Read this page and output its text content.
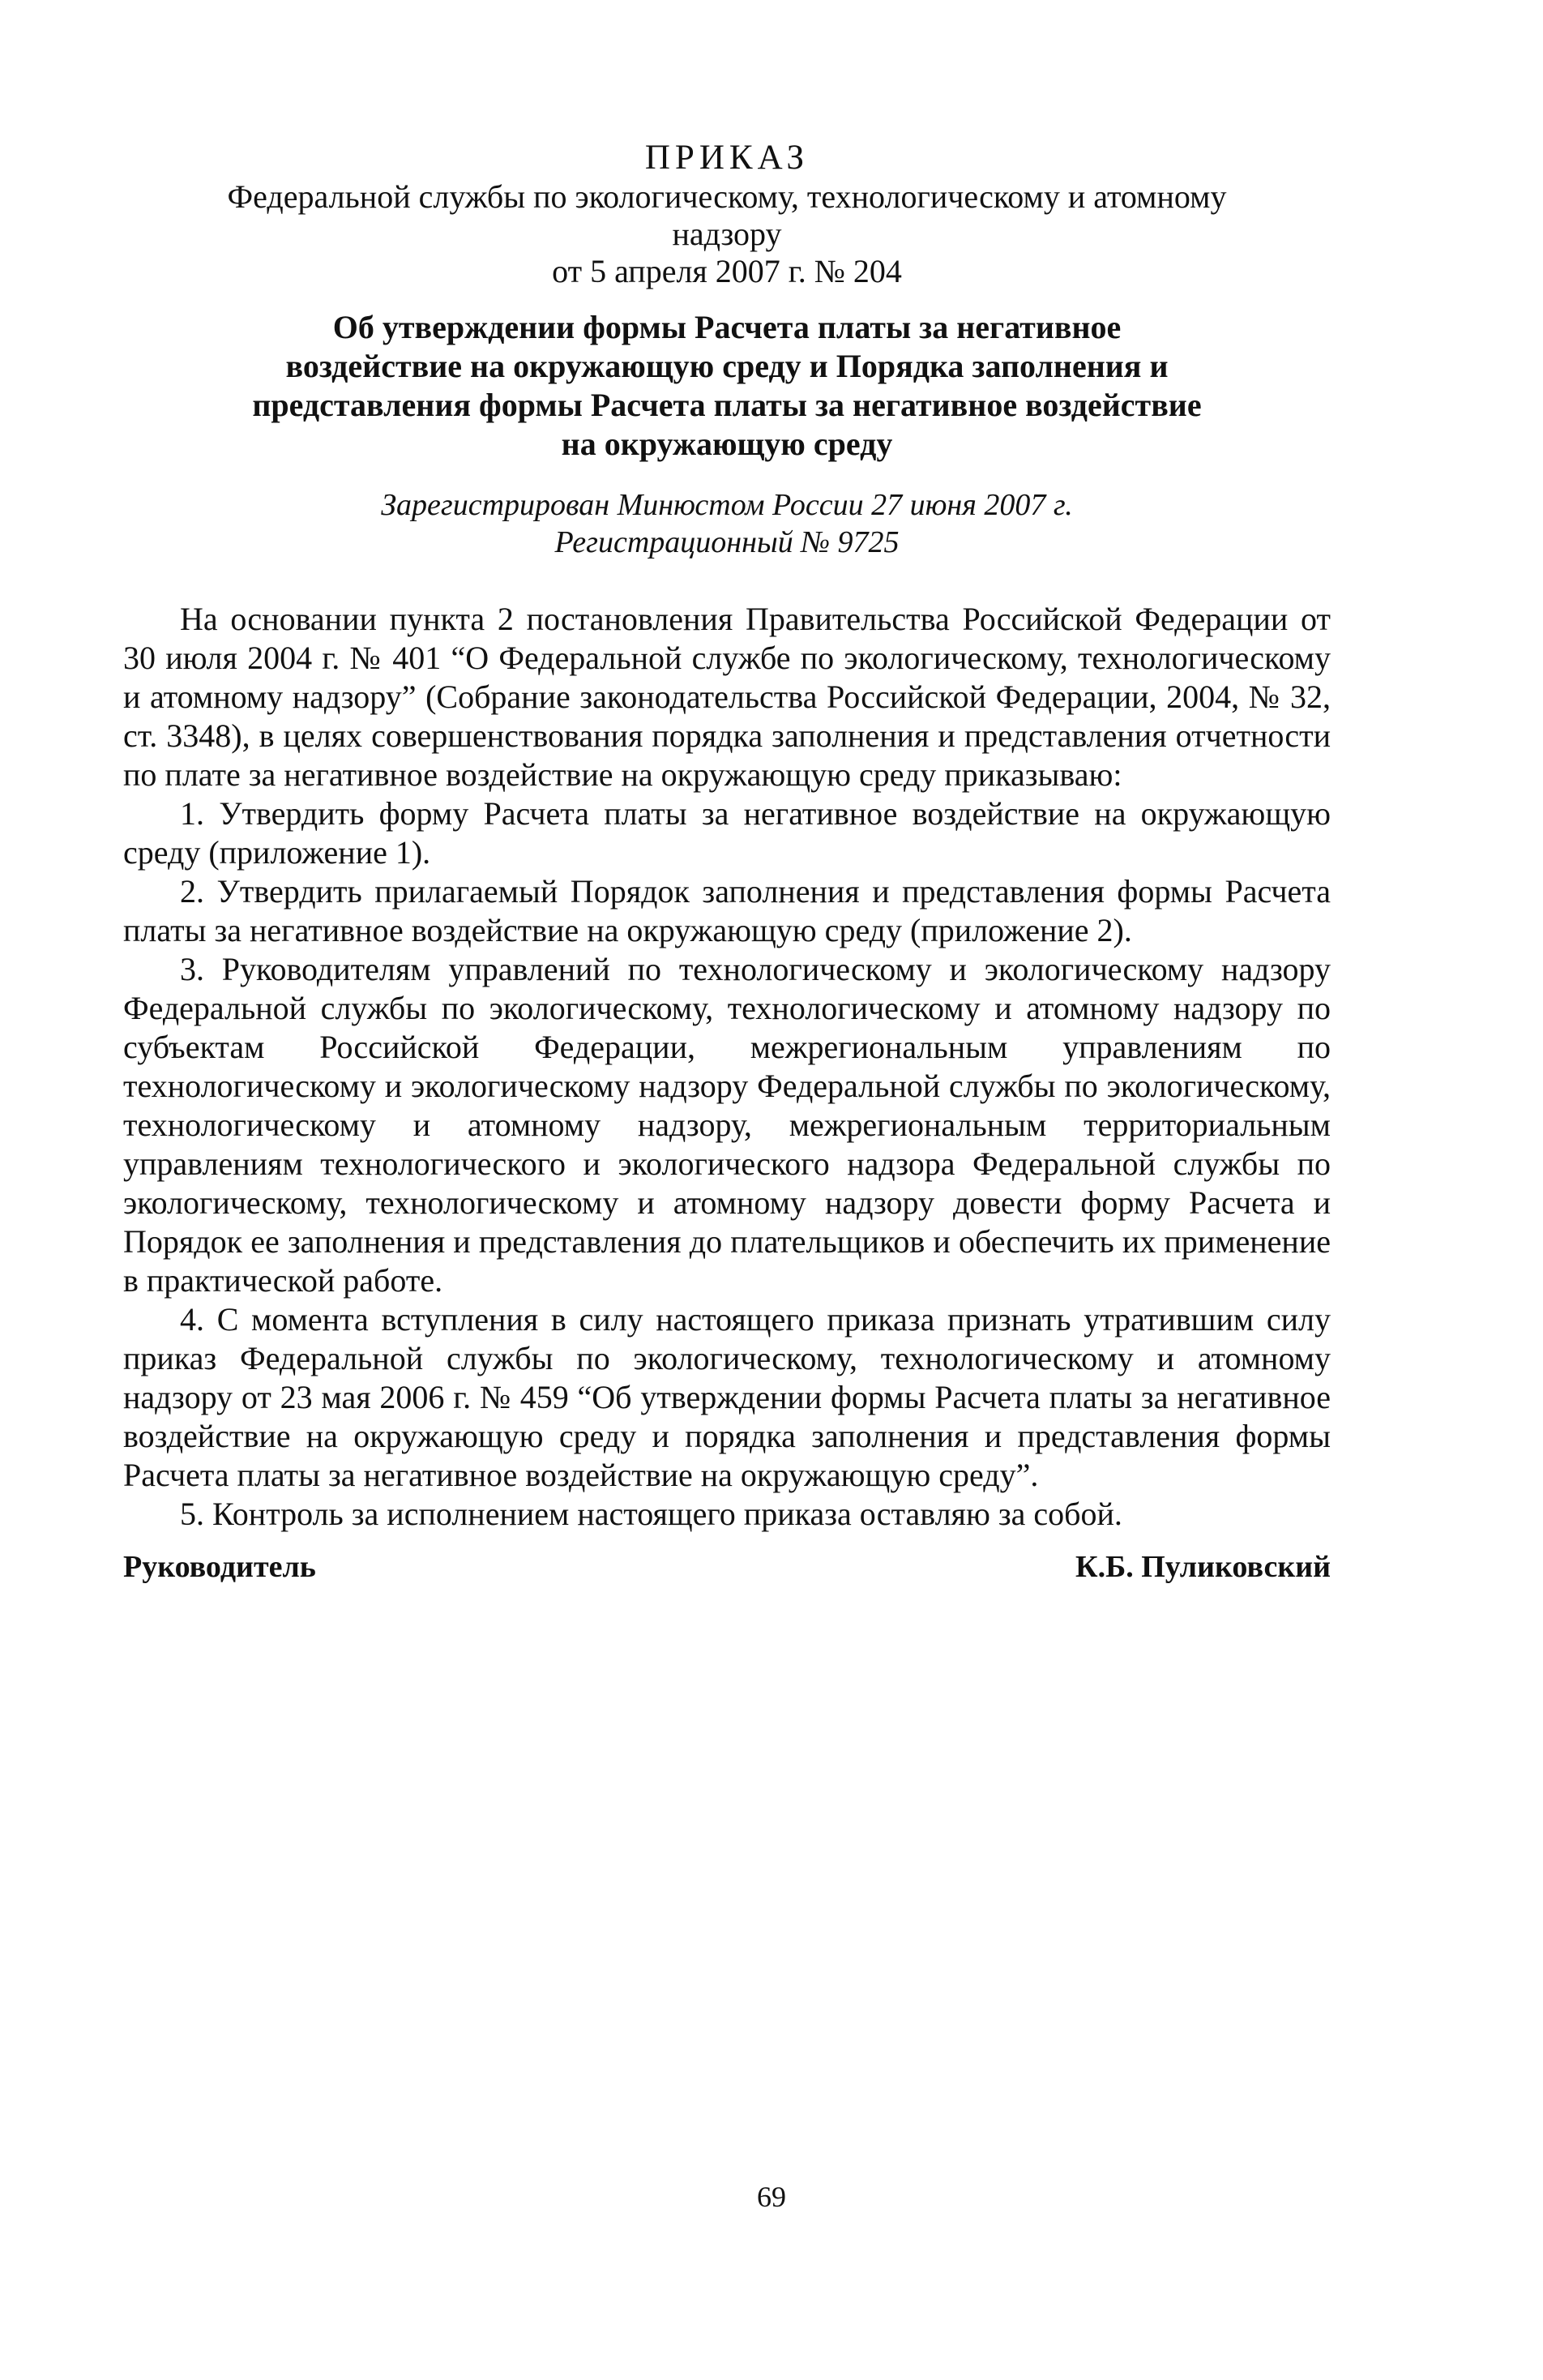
ПРИКАЗ

Федеральной службы по экологическому, технологическому и атомному надзору

от 5 апреля 2007 г. № 204

Об утверждении формы Расчета платы за негативное воздействие на окружающую среду и Порядка заполнения и представления формы Расчета платы за негативное воздействие на окружающую среду

Зарегистрирован Минюстом России 27 июня 2007 г.
Регистрационный № 9725

На основании пункта 2 постановления Правительства Российской Федерации от 30 июля 2004 г. № 401 “О Федеральной службе по экологическому, технологическому и атомному надзору” (Собрание законодательства Российской Федерации, 2004, № 32, ст. 3348), в целях совершенствования порядка заполнения и представления отчетности по плате за негативное воздействие на окружающую среду приказываю:

1. Утвердить форму Расчета платы за негативное воздействие на окружающую среду (приложение 1).

2. Утвердить прилагаемый Порядок заполнения и представления формы Расчета платы за негативное воздействие на окружающую среду (приложение 2).

3. Руководителям управлений по технологическому и экологическому надзору Федеральной службы по экологическому, технологическому и атомному надзору по субъектам Российской Федерации, межрегиональным управлениям по технологическому и экологическому надзору Федеральной службы по экологическому, технологическому и атомному надзору, межрегиональным территориальным управлениям технологического и экологического надзора Федеральной службы по экологическому, технологическому и атомному надзору довести форму Расчета и Порядок ее заполнения и представления до плательщиков и обеспечить их применение в практической работе.

4. С момента вступления в силу настоящего приказа признать утратившим силу приказ Федеральной службы по экологическому, технологическому и атомному надзору от 23 мая 2006 г. № 459 “Об утверждении формы Расчета платы за негативное воздействие на окружающую среду и порядка заполнения и представления формы Расчета платы за негативное воздействие на окружающую среду”.

5. Контроль за исполнением настоящего приказа оставляю за собой.

Руководитель	К.Б. Пуликовский
69
